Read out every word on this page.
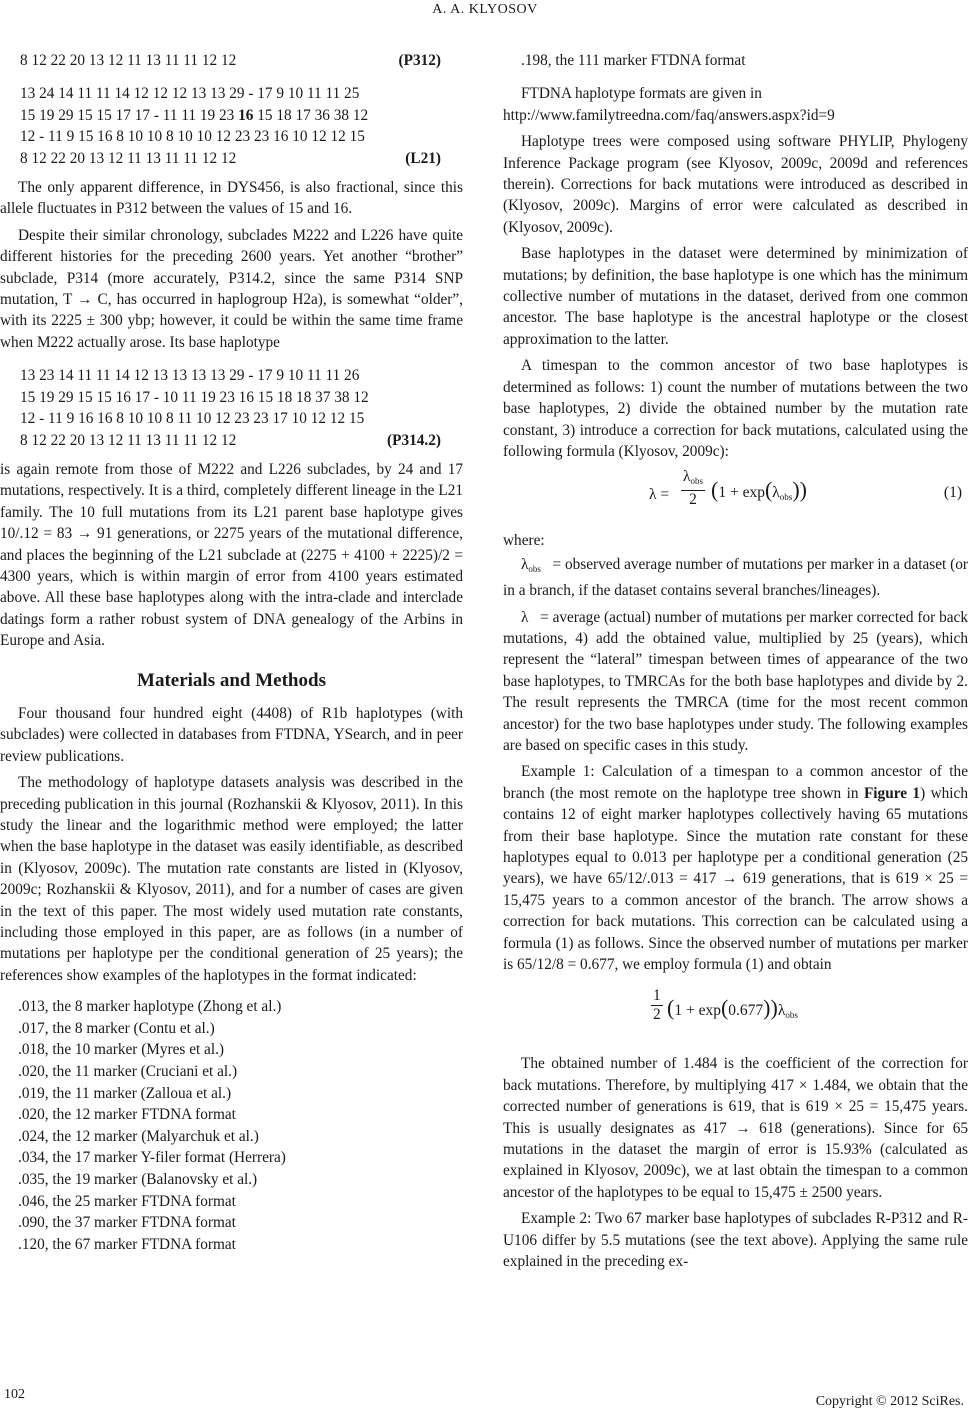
A. A. KLYOSOV
8 12 22 20 13 12 11 13 11 11 12 12	(P312)
13 24 14 11 11 14 12 12 12 13 13 29 - 17 9 10 11 11 25
15 19 29 15 15 17 17 - 11 11 19 23 16 15 18 17 36 38 12
12 - 11 9 15 16 8 10 10 8 10 10 12 23 23 16 10 12 12 15
8 12 22 20 13 12 11 13 11 11 12 12	(L21)

The only apparent difference, in DYS456, is also fractional, since this allele fluctuates in P312 between the values of 15 and 16.

Despite their similar chronology, subclades M222 and L226 have quite different histories for the preceding 2600 years. Yet another “brother” subclade, P314 (more accurately, P314.2, since the same P314 SNP mutation, T → C, has occurred in haplogroup H2a), is somewhat “older”, with its 2225 ± 300 ybp; however, it could be within the same time frame when M222 actually arose. Its base haplotype

13 23 14 11 11 14 12 13 13 13 13 29 - 17 9 10 11 11 26
15 19 29 15 15 16 17 - 10 11 19 23 16 15 18 18 37 38 12
12 - 11 9 16 16 8 10 10 8 11 10 12 23 23 17 10 12 12 15
8 12 22 20 13 12 11 13 11 11 12 12	(P314.2)

is again remote from those of M222 and L226 subclades, by 24 and 17 mutations, respectively. It is a third, completely different lineage in the L21 family. The 10 full mutations from its L21 parent base haplotype gives 10/.12 = 83 → 91 generations, or 2275 years of the mutational difference, and places the beginning of the L21 subclade at (2275 + 4100 + 2225)/2 = 4300 years, which is within margin of error from 4100 years estimated above. All these base haplotypes along with the intra-clade and interclade datings form a rather robust system of DNA genealogy of the Arbins in Europe and Asia.

Materials and Methods

Four thousand four hundred eight (4408) of R1b haplotypes (with subclades) were collected in databases from FTDNA, YSearch, and in peer review publications.

The methodology of haplotype datasets analysis was described in the preceding publication in this journal (Rozhanskii & Klyosov, 2011). In this study the linear and the logarithmic method were employed; the latter when the base haplotype in the dataset was easily identifiable, as described in (Klyosov, 2009c). The mutation rate constants are listed in (Klyosov, 2009c; Rozhanskii & Klyosov, 2011), and for a number of cases are given in the text of this paper. The most widely used mutation rate constants, including those employed in this paper, are as follows (in a number of mutations per haplotype per the conditional generation of 25 years); the references show examples of the haplotypes in the format indicated:

.013, the 8 marker haplotype (Zhong et al.)
.017, the 8 marker (Contu et al.)
.018, the 10 marker (Myres et al.)
.020, the 11 marker (Cruciani et al.)
.019, the 11 marker (Zalloua et al.)
.020, the 12 marker FTDNA format
.024, the 12 marker (Malyarchuk et al.)
.034, the 17 marker Y-filer format (Herrera)
.035, the 19 marker (Balanovsky et al.)
.046, the 25 marker FTDNA format
.090, the 37 marker FTDNA format
.120, the 67 marker FTDNA format
.198, the 111 marker FTDNA format

FTDNA haplotype formats are given in

http://www.familytreedna.com/faq/answers.aspx?id=9

Haplotype trees were composed using software PHYLIP, Phylogeny Inference Package program (see Klyosov, 2009c, 2009d and references therein). Corrections for back mutations were introduced as described in (Klyosov, 2009c). Margins of error were calculated as described in (Klyosov, 2009c).

Base haplotypes in the dataset were determined by minimization of mutations; by definition, the base haplotype is one which has the minimum collective number of mutations in the dataset, derived from one common ancestor. The base haplotype is the ancestral haplotype or the closest approximation to the latter.

A timespan to the common ancestor of two base haplotypes is determined as follows: 1) count the number of mutations between the two base haplotypes, 2) divide the obtained number by the mutation rate constant, 3) introduce a correction for back mutations, calculated using the following formula (Klyosov, 2009c):

λ =
$\lambda_{obs}$
2 $(1 + \exp(\lambda_{obs}))$	(1)

where:

$\lambda_{obs}$ = observed average number of mutations per marker in a dataset (or in a branch, if the dataset contains several branches/lineages).

λ = average (actual) number of mutations per marker corrected for back mutations, 4) add the obtained value, multiplied by 25 (years), which represent the “lateral” timespan between times of appearance of the two base haplotypes, to TMRCAs for the both base haplotypes and divide by 2. The result represents the TMRCA (time for the most recent common ancestor) for the two base haplotypes under study. The following examples are based on specific cases in this study.

Example 1: Calculation of a timespan to a common ancestor of the branch (the most remote on the haplotype tree shown in Figure 1) which contains 12 of eight marker haplotypes collectively having 65 mutations from their base haplotype. Since the mutation rate constant for these haplotypes equal to 0.013 per haplotype per a conditional generation (25 years), we have 65/12/.013 = 417 → 619 generations, that is 619 × 25 = 15,475 years to a common ancestor of the branch. The arrow shows a correction for back mutations. This correction can be calculated using a formula (1) as follows. Since the observed number of mutations per marker is 65/12/8 = 0.677, we employ formula (1) and obtain

$\frac{1}{2} (1 + \exp(0.677))\lambda_{obs}$

The obtained number of 1.484 is the coefficient of the correction for back mutations. Therefore, by multiplying 417 × 1.484, we obtain that the corrected number of generations is 619, that is 619 × 25 = 15,475 years. This is usually designates as 417 → 618 (generations). Since for 65 mutations in the dataset the margin of error is 15.93% (calculated as explained in Klyosov, 2009c), we at last obtain the timespan to a common ancestor of the haplotypes to be equal to 15,475 ± 2500 years.

Example 2: Two 67 marker base haplotypes of subclades R-P312 and R-U106 differ by 5.5 mutations (see the text above). Applying the same rule explained in the preceding ex-

102	Copyright © 2012 SciRes.
